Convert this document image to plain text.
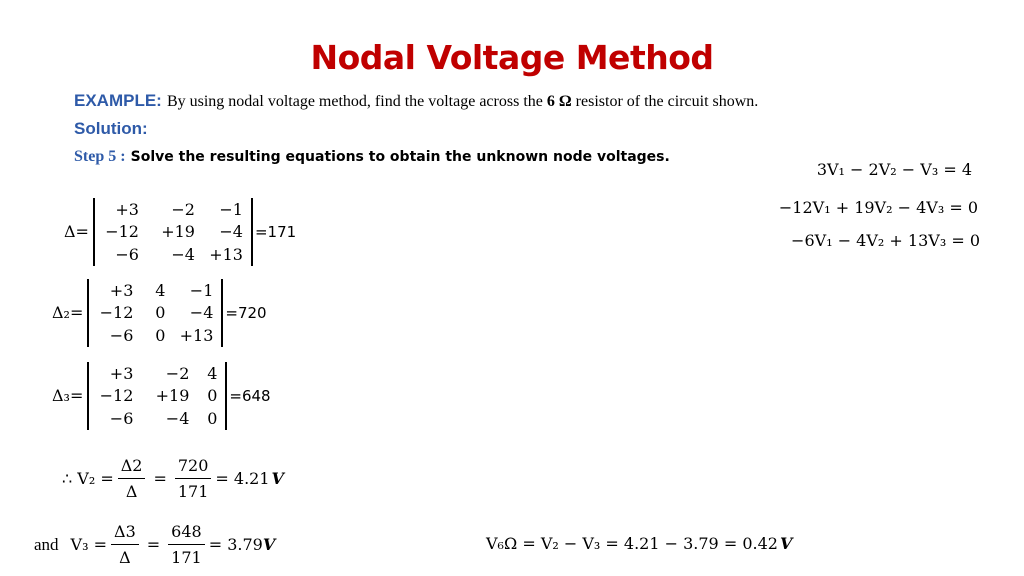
Nodal Voltage Method
EXAMPLE: By using nodal voltage method, find the voltage across the 6 Ω resistor of the circuit shown.
Solution:
Step 5 : Solve the resulting equations to obtain the unknown node voltages.
3V₁ − 2V₂ − V₃ = 4
−12V₁ + 19V₂ − 4V₃ = 0
−6V₁ − 4V₂ + 13V₃ = 0
Δ=
+3	−2	−1
−12	+19	−4
−6	−4 +13
=171
Δ₂=
+3	4	−1
−12	0	−4
−6	0 +13
=720
Δ₃=
+3	−2	4
−12	+19	0
−6	−4	0
=648
∴ $V_2 = \frac{\Delta 2}{\Delta} = \frac{720}{171} = 4.21$ V
and $V_3 = \frac{\Delta 3}{\Delta} = \frac{648}{171} = 3.79$ V	V₆Ω = V₂ − V₃ = 4.21 − 3.79 = 0.42 V
